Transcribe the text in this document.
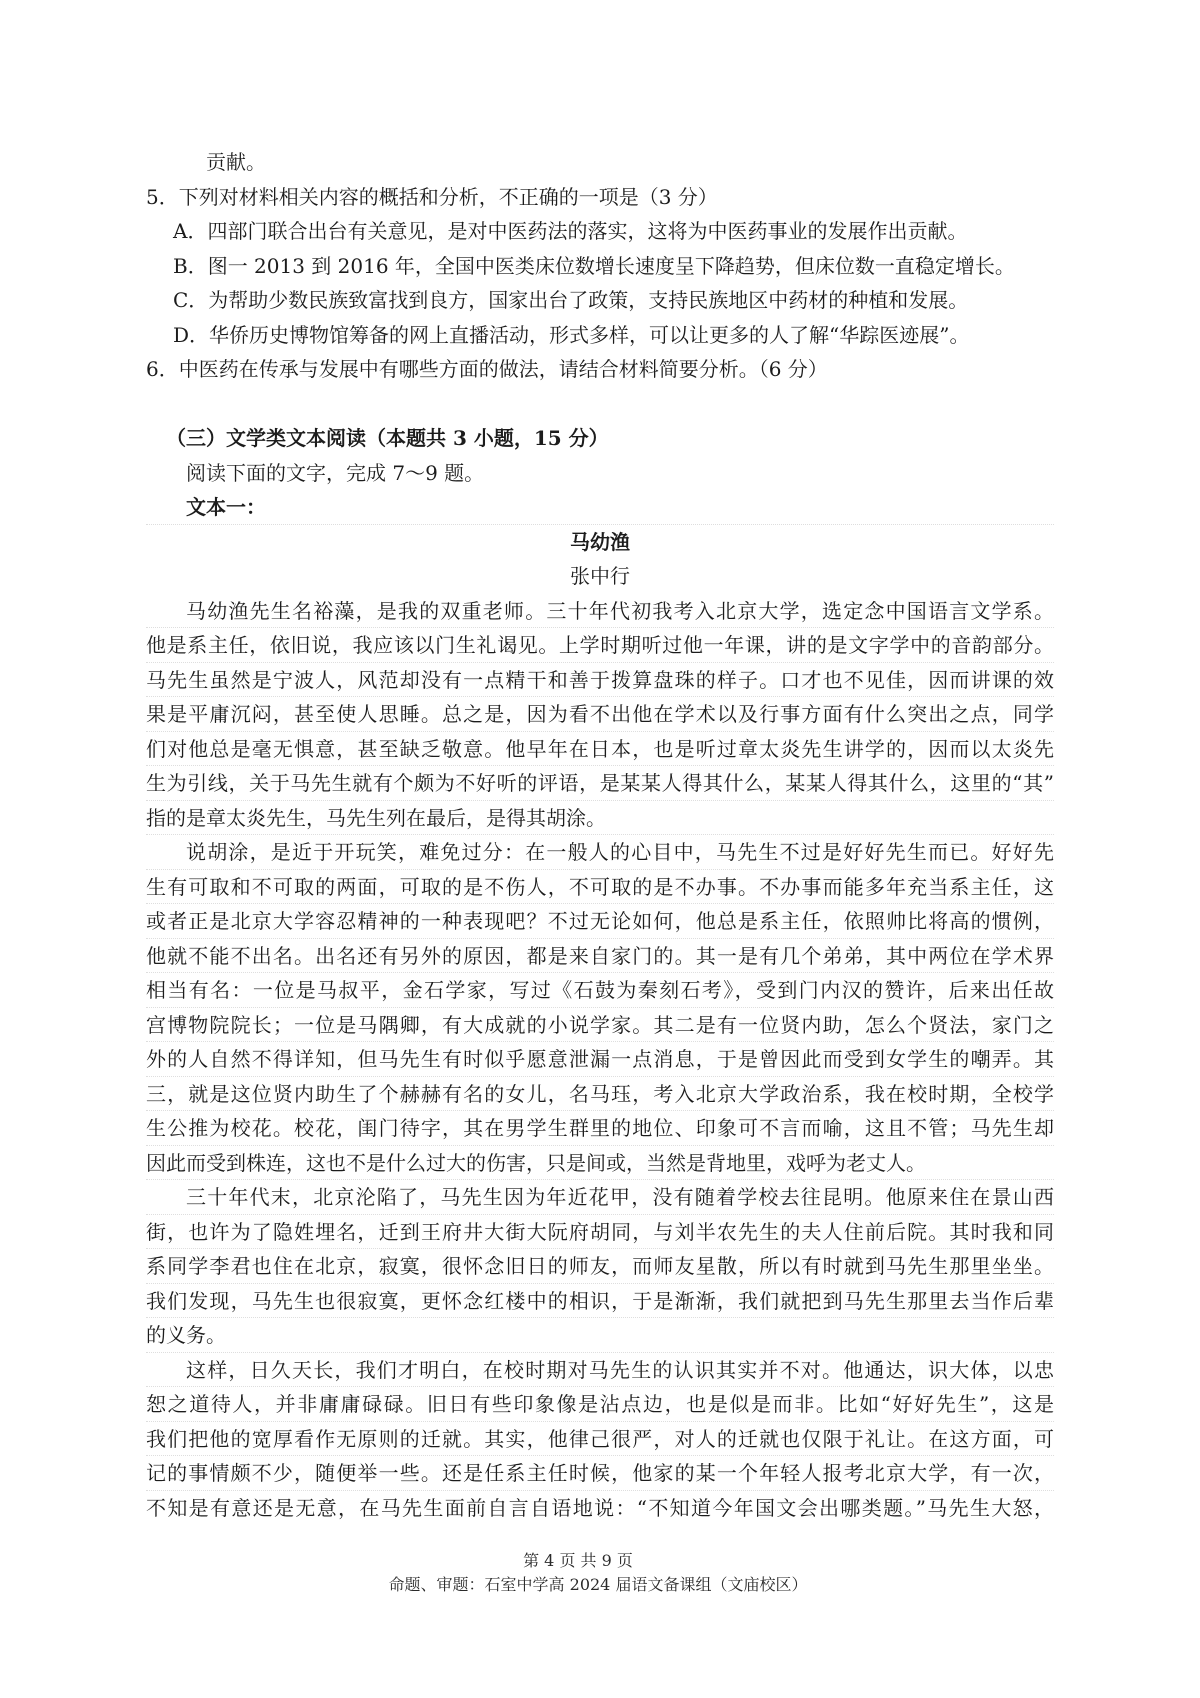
贡献。
5．下列对材料相关内容的概括和分析，不正确的一项是（3 分）
A．四部门联合出台有关意见，是对中医药法的落实，这将为中医药事业的发展作出贡献。
B．图一 2013 到 2016 年，全国中医类床位数增长速度呈下降趋势，但床位数一直稳定增长。
C．为帮助少数民族致富找到良方，国家出台了政策，支持民族地区中药材的种植和发展。
D．华侨历史博物馆筹备的网上直播活动，形式多样，可以让更多的人了解“华踪医迹展”。
6．中医药在传承与发展中有哪些方面的做法，请结合材料简要分析。（6 分）
（三）文学类文本阅读（本题共 3 小题，15 分）
阅读下面的文字，完成 7～9 题。
文本一：
马幼渔
张中行
马幼渔先生名裕藻，是我的双重老师。三十年代初我考入北京大学，选定念中国语言文学系。
他是系主任，依旧说，我应该以门生礼谒见。上学时期听过他一年课，讲的是文字学中的音韵部分。
马先生虽然是宁波人，风范却没有一点精干和善于拨算盘珠的样子。口才也不见佳，因而讲课的效
果是平庸沉闷，甚至使人思睡。总之是，因为看不出他在学术以及行事方面有什么突出之点，同学
们对他总是毫无惧意，甚至缺乏敬意。他早年在日本，也是听过章太炎先生讲学的，因而以太炎先
生为引线，关于马先生就有个颇为不好听的评语，是某某人得其什么，某某人得其什么，这里的“其”
指的是章太炎先生，马先生列在最后，是得其胡涂。
说胡涂，是近于开玩笑，难免过分：在一般人的心目中，马先生不过是好好先生而已。好好先
生有可取和不可取的两面，可取的是不伤人，不可取的是不办事。不办事而能多年充当系主任，这
或者正是北京大学容忍精神的一种表现吧？不过无论如何，他总是系主任，依照帅比将高的惯例，
他就不能不出名。出名还有另外的原因，都是来自家门的。其一是有几个弟弟，其中两位在学术界
相当有名：一位是马叔平，金石学家，写过《石鼓为秦刻石考》，受到门内汉的赞许，后来出任故
宫博物院院长；一位是马隅卿，有大成就的小说学家。其二是有一位贤内助，怎么个贤法，家门之
外的人自然不得详知，但马先生有时似乎愿意泄漏一点消息，于是曾因此而受到女学生的嘲弄。其
三，就是这位贤内助生了个赫赫有名的女儿，名马珏，考入北京大学政治系，我在校时期，全校学
生公推为校花。校花，闺门待字，其在男学生群里的地位、印象可不言而喻，这且不管；马先生却
因此而受到株连，这也不是什么过大的伤害，只是间或，当然是背地里，戏呼为老丈人。
三十年代末，北京沦陷了，马先生因为年近花甲，没有随着学校去往昆明。他原来住在景山西
街，也许为了隐姓埋名，迁到王府井大街大阮府胡同，与刘半农先生的夫人住前后院。其时我和同
系同学李君也住在北京，寂寞，很怀念旧日的师友，而师友星散，所以有时就到马先生那里坐坐。
我们发现，马先生也很寂寞，更怀念红楼中的相识，于是渐渐，我们就把到马先生那里去当作后辈
的义务。
这样，日久天长，我们才明白，在校时期对马先生的认识其实并不对。他通达，识大体，以忠
恕之道待人，并非庸庸碌碌。旧日有些印象像是沾点边，也是似是而非。比如“好好先生”，这是
我们把他的宽厚看作无原则的迁就。其实，他律己很严，对人的迁就也仅限于礼让。在这方面，可
记的事情颇不少，随便举一些。还是任系主任时候，他家的某一个年轻人报考北京大学，有一次，
不知是有意还是无意，在马先生面前自言自语地说：“不知道今年国文会出哪类题。”马先生大怒，
第 4 页 共 9 页
命题、审题：石室中学高 2024 届语文备课组（文庙校区）
